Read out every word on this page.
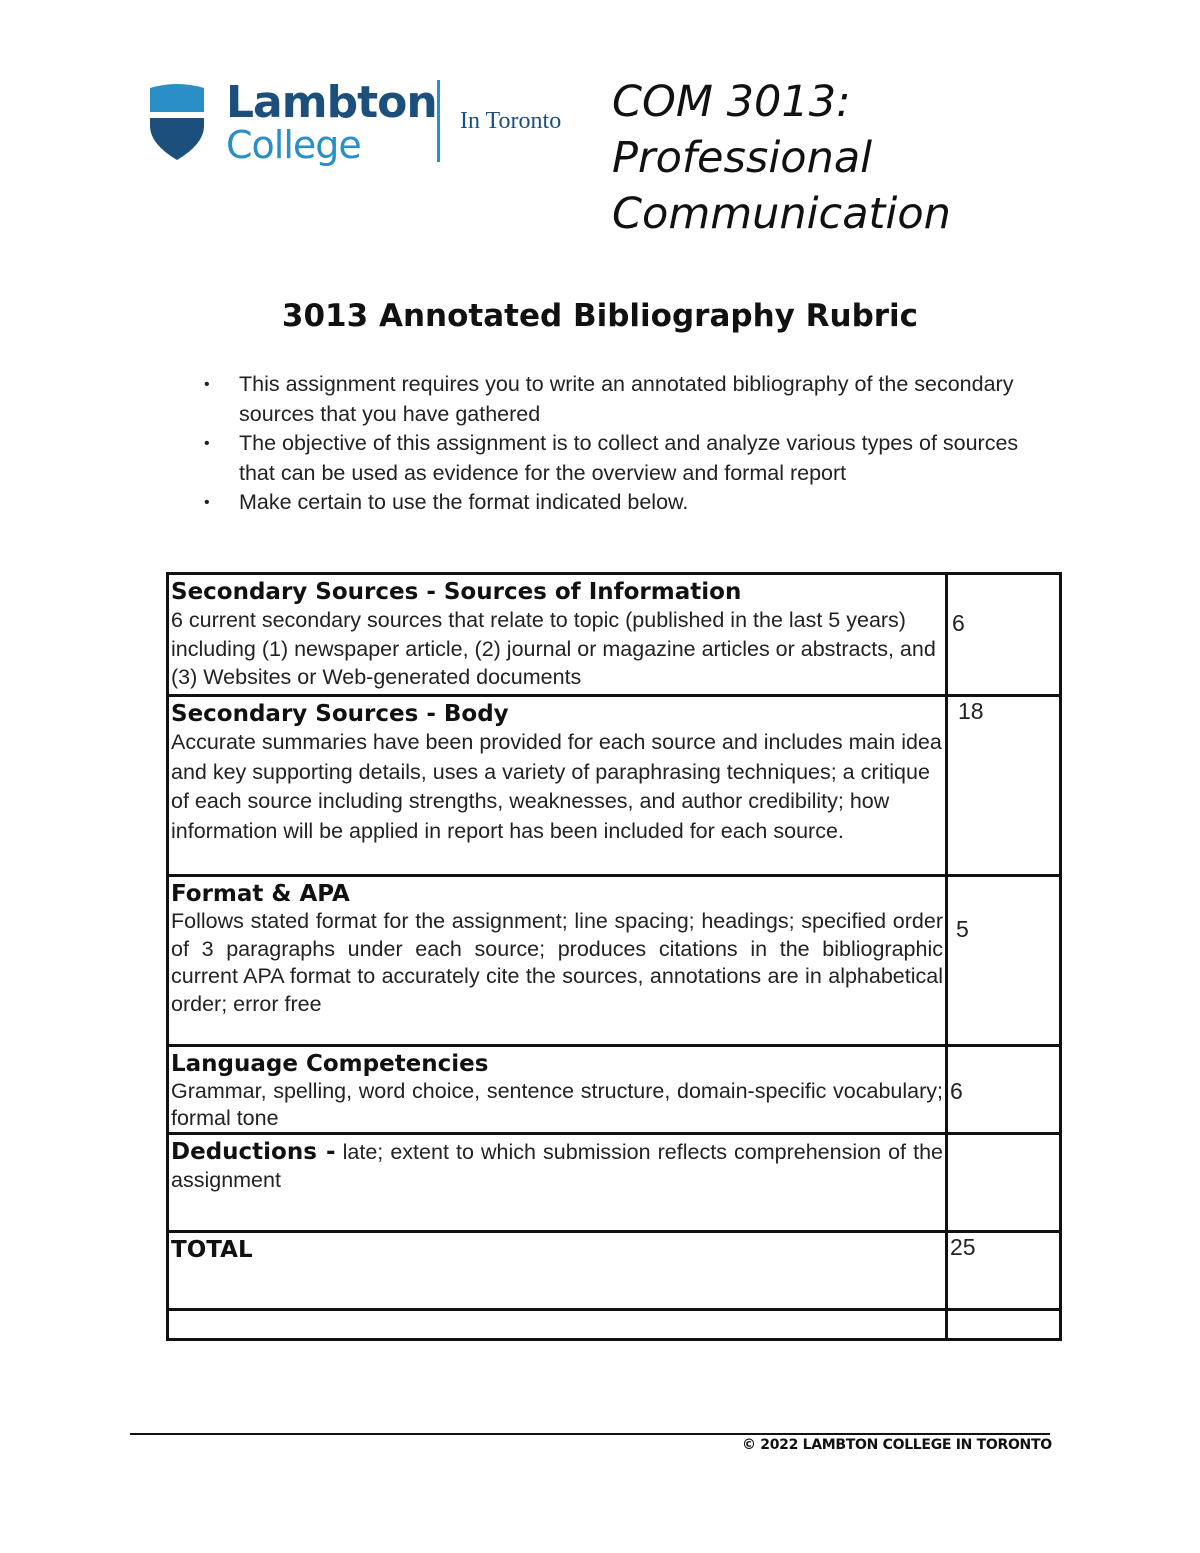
Lambton
College
In Toronto COM 3013:
Professional
Communication
3013 Annotated Bibliography Rubric
• This assignment requires you to write an annotated bibliography of the secondary sources that you have gathered
• The objective of this assignment is to collect and analyze various types of sources that can be used as evidence for the overview and formal report
• Make certain to use the format indicated below.
Secondary Sources - Sources of Information
6 current secondary sources that relate to topic (published in the last 5 years) including (1) newspaper article, (2) journal or magazine articles or abstracts, and (3) Websites or Web-generated documents	6

Secondary Sources - Body
Accurate summaries have been provided for each source and includes main idea and key supporting details, uses a variety of paraphrasing techniques; a critique of each source including strengths, weaknesses, and author credibility; how information will be applied in report has been included for each source.	18

Format & APA
Follows stated format for the assignment; line spacing; headings; specified order of 3 paragraphs under each source; produces citations in the bibliographic current APA format to accurately cite the sources, annotations are in alphabetical order; error free	5

Language Competencies
Grammar, spelling, word choice, sentence structure, domain-specific vocabulary; formal tone	6

Deductions - late; extent to which submission reflects comprehension of the assignment	

TOTAL	25

© 2022 LAMBTON COLLEGE IN TORONTO
